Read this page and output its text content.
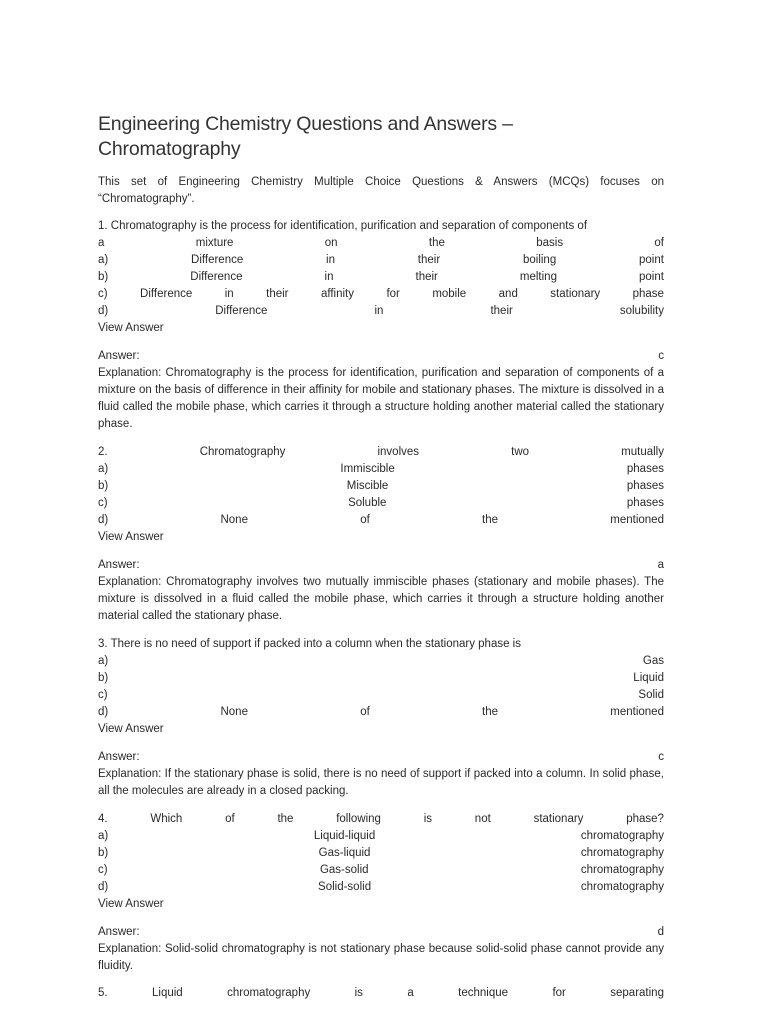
Engineering Chemistry Questions and Answers –
Chromatography
This set of Engineering Chemistry Multiple Choice Questions & Answers (MCQs) focuses on “Chromatography”.
1. Chromatography is the process for identification, purification and separation of components of
a	mixture	on	the	basis	of
a)	Difference	in	their	boiling	point
b)	Difference	in	their	melting	point
c)	Difference	in	their	affinity	for	mobile	and	stationary	phase
d)	Difference	in	their	solubility
View Answer
Answer:	c
Explanation: Chromatography is the process for identification, purification and separation of components of a mixture on the basis of difference in their affinity for mobile and stationary phases. The mixture is dissolved in a fluid called the mobile phase, which carries it through a structure holding another material called the stationary phase.
2.	Chromatography	involves	two	mutually
a)	Immiscible	phases
b)	Miscible	phases
c)	Soluble	phases
d)	None	of	the	mentioned
View Answer
Answer:	a
Explanation: Chromatography involves two mutually immiscible phases (stationary and mobile phases). The mixture is dissolved in a fluid called the mobile phase, which carries it through a structure holding another material called the stationary phase.
3. There is no need of support if packed into a column when the stationary phase is
a)	Gas
b)	Liquid
c)	Solid
d)	None	of	the	mentioned
View Answer
Answer:	c
Explanation: If the stationary phase is solid, there is no need of support if packed into a column. In solid phase, all the molecules are already in a closed packing.
4.	Which	of	the	following	is	not	stationary	phase?
a)	Liquid-liquid	chromatography
b)	Gas-liquid	chromatography
c)	Gas-solid	chromatography
d)	Solid-solid	chromatography
View Answer
Answer:	d
Explanation: Solid-solid chromatography is not stationary phase because solid-solid phase cannot provide any fluidity.
5.	Liquid	chromatography	is	a	technique	for	separating
